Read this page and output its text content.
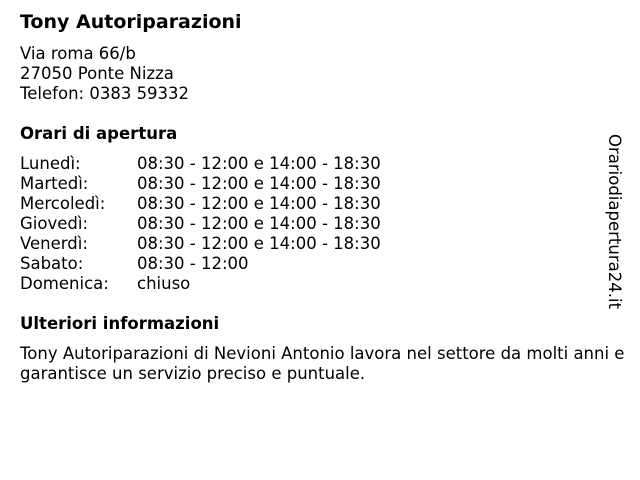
Tony Autoriparazioni
Via roma 66/b
27050 Ponte Nizza
Telefon: 0383 59332
Orari di apertura
Lunedì:	08:30 - 12:00 e 14:00 - 18:30
Martedì:	08:30 - 12:00 e 14:00 - 18:30
Mercoledì: 08:30 - 12:00 e 14:00 - 18:30
Giovedì:	08:30 - 12:00 e 14:00 - 18:30
Venerdì:	08:30 - 12:00 e 14:00 - 18:30
Sabato:	08:30 - 12:00
Domenica: chiuso
Ulteriori informazioni
Tony Autoriparazioni di Nevioni Antonio lavora nel settore da molti anni e garantisce un servizio preciso e puntuale.
Orariodiapertura24.it
